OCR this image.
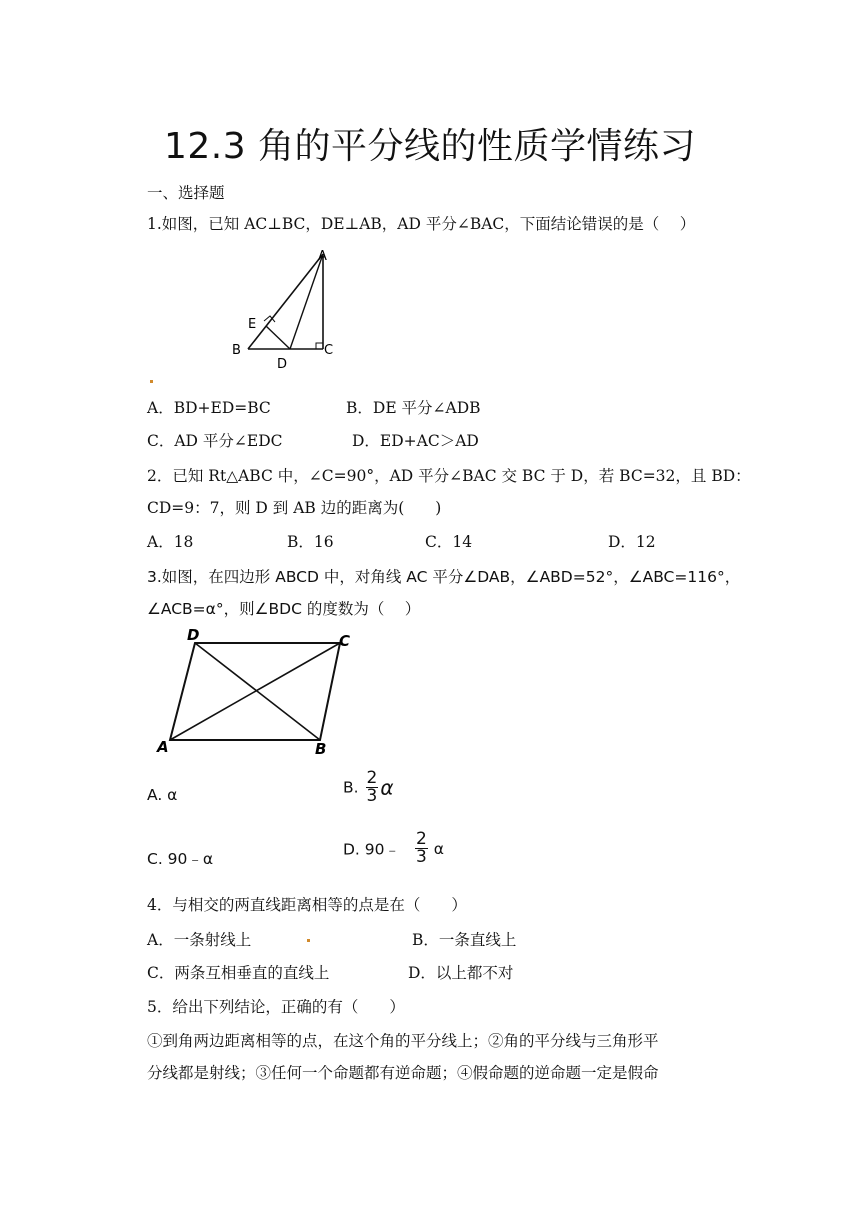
12.3 角的平分线的性质学情练习
一、选择题
1.如图，已知 AC⊥BC，DE⊥AB，AD 平分∠BAC，下面结论错误的是（　 ）
A
B	C
D
E
A．BD+ED=BC	B．DE 平分∠ADB
C．AD 平分∠EDC	D．ED+AC＞AD
2．已知 Rt△ABC 中，∠C=90°，AD 平分∠BAC 交 BC 于 D，若 BC=32，且 BD：
CD=9：7，则 D 到 AB 边的距离为(　　)
A．18	B．16	C．14	D．12
3.如图，在四边形 ABCD 中，对角线 AC 平分∠DAB，∠ABD=52°，∠ABC=116°，
∠ACB=α°，则∠BDC 的度数为（　 ）
D	C
A	B
A. α	B. $\frac{2}{3}$ α
C. 90﹣α
D. 90﹣ $\frac{2}{3}$ α
4．与相交的两直线距离相等的点是在（　　）
A．一条射线上	B．一条直线上
C．两条互相垂直的直线上	D．以上都不对
5．给出下列结论，正确的有（　　）
①到角两边距离相等的点，在这个角的平分线上；②角的平分线与三角形平
分线都是射线；③任何一个命题都有逆命题；④假命题的逆命题一定是假命
